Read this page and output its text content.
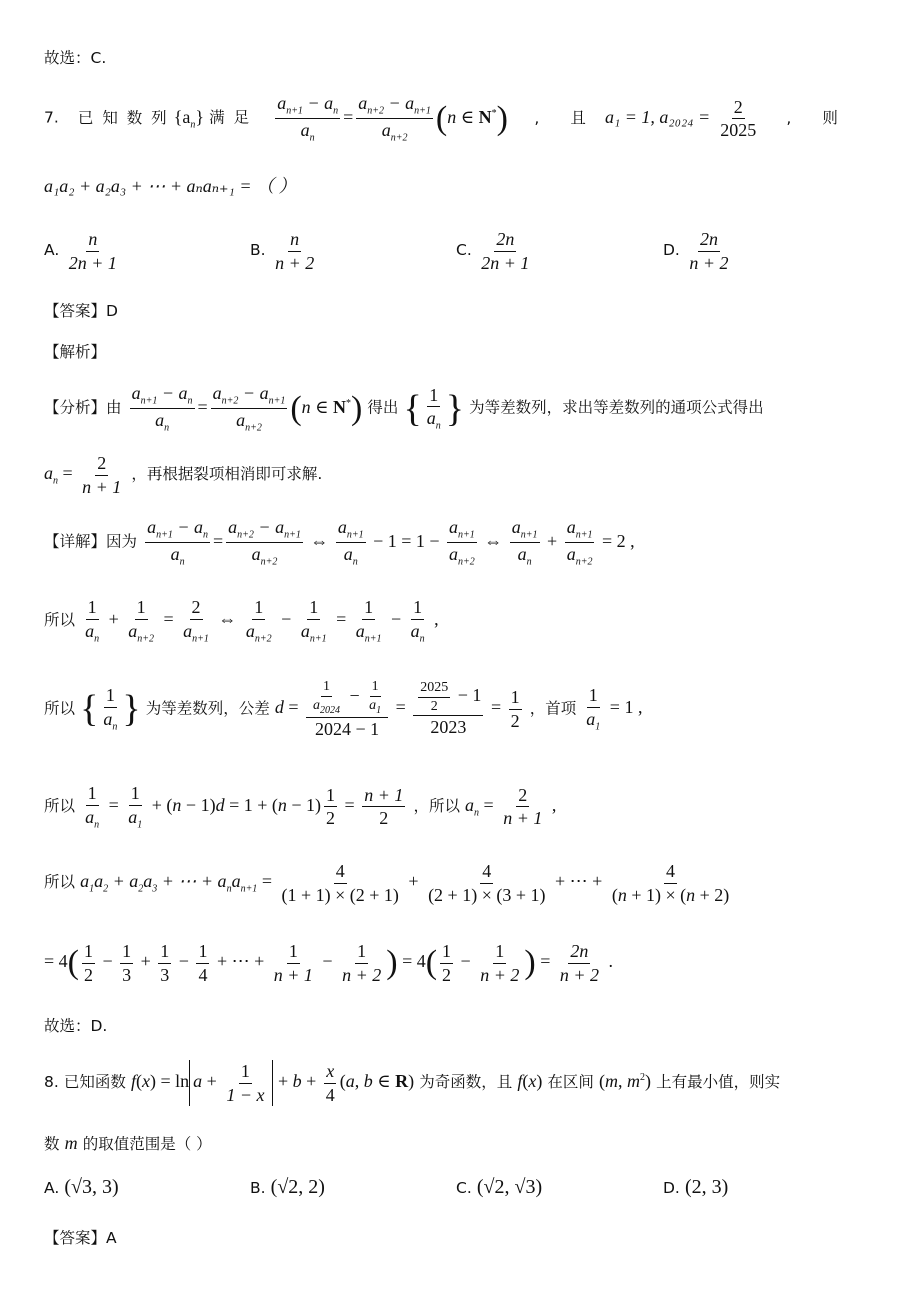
故选：C.
7. 已 知 数 列 $\{a_n\}$ 满 足 $\frac{a_{n+1} - a_n}{a_n} = \frac{a_{n+2} - a_{n+1}}{a_{n+2}} (n$ ∈ N*) , 且 a₁ = 1, $a_{2024} = \frac{2}{2025}$ , 则
a₁a₂ + a₂a₃ + ⋯ + aₙaₙ₊₁ = （ ）
A. $\frac{n}{2n + 1}$	B. $\frac{n}{n + 2}$	C. $\frac{2n}{2n + 1}$	D. $\frac{2n}{n + 2}$
【答案】D
【解析】
【分析】由 $\frac{a_{n+1} - a_n}{a_n} = \frac{a_{n+2} - a_{n+1}}{a_{n+2}} (n$ ∈ N*) 得出 { $\frac{1}{a_n}$ } 为等差数列，求出等差数列的通项公式得出
$a_n = \frac{2}{n + 1}$ ，再根据裂项相消即可求解.
【详解】因为 $\frac{a_{n+1} - a_n}{a_n} = \frac{a_{n+2} - a_{n+1}}{a_{n+2}}$ ⇔ $\frac{a_{n+1}}{a_n} - 1 = 1 - \frac{a_{n+1}}{a_{n+2}}$ ⇔ $\frac{a_{n+1}}{a_n} + \frac{a_{n+1}}{a_{n+2}} = 2$ ,
所以 $\frac{1}{a_n} + \frac{1}{a_{n+2}} = \frac{2}{a_{n+1}}$ ⇔ $\frac{1}{a_{n+2}} - \frac{1}{a_{n+1}} = \frac{1}{a_{n+1}} - \frac{1}{a_n}$ ,
所以 { $\frac{1}{a_n}$ } 为等差数列，公差 $d = \frac{\frac{1}{a_{2024}} - \frac{1}{a_1}}{2024 - 1} = \frac{\frac{2025}{2} - 1}{2023} = \frac{1}{2}$ ，首项 $\frac{1}{a_1} = 1$ ,
所以 $\frac{1}{a_n} = \frac{1}{a_1} + (n - 1)d = 1 + (n - 1) \frac{1}{2} = \frac{n + 1}{2}$ ，所以 $a_n = \frac{2}{n + 1}$ ,
所以 $a_1a_2 + a_2a_3$ + ⋯ + $a_na_{n+1} = \frac{4}{(1 + 1) \times (2 + 1)} + \frac{4}{(2 + 1) \times (3 + 1)}$ + ⋯ + $\frac{4}{(n + 1) \times (n + 2)}$
= $4( \frac{1}{2} - \frac{1}{3} + \frac{1}{3} - \frac{1}{4}$ + ⋯ + $\frac{1}{n + 1} - \frac{1}{n + 2}$ ) = $4( \frac{1}{2} - \frac{1}{n + 2}$ ) = $\frac{2n}{n + 2}$ .
故选：D.
8. 已知函数 $f(x) = \ln a + \frac{1}{1 - x} + b + \frac{x}{4} (a$, b ∈ R) 为奇函数，且 f(x) 在区间 (m, $m^2$) 上有最小值，则实
数 m 的取值范围是（ ）
A. (√3, 3)	B. (√2, 2)	C. (√2, √3)	D. (2, 3)
【答案】A
